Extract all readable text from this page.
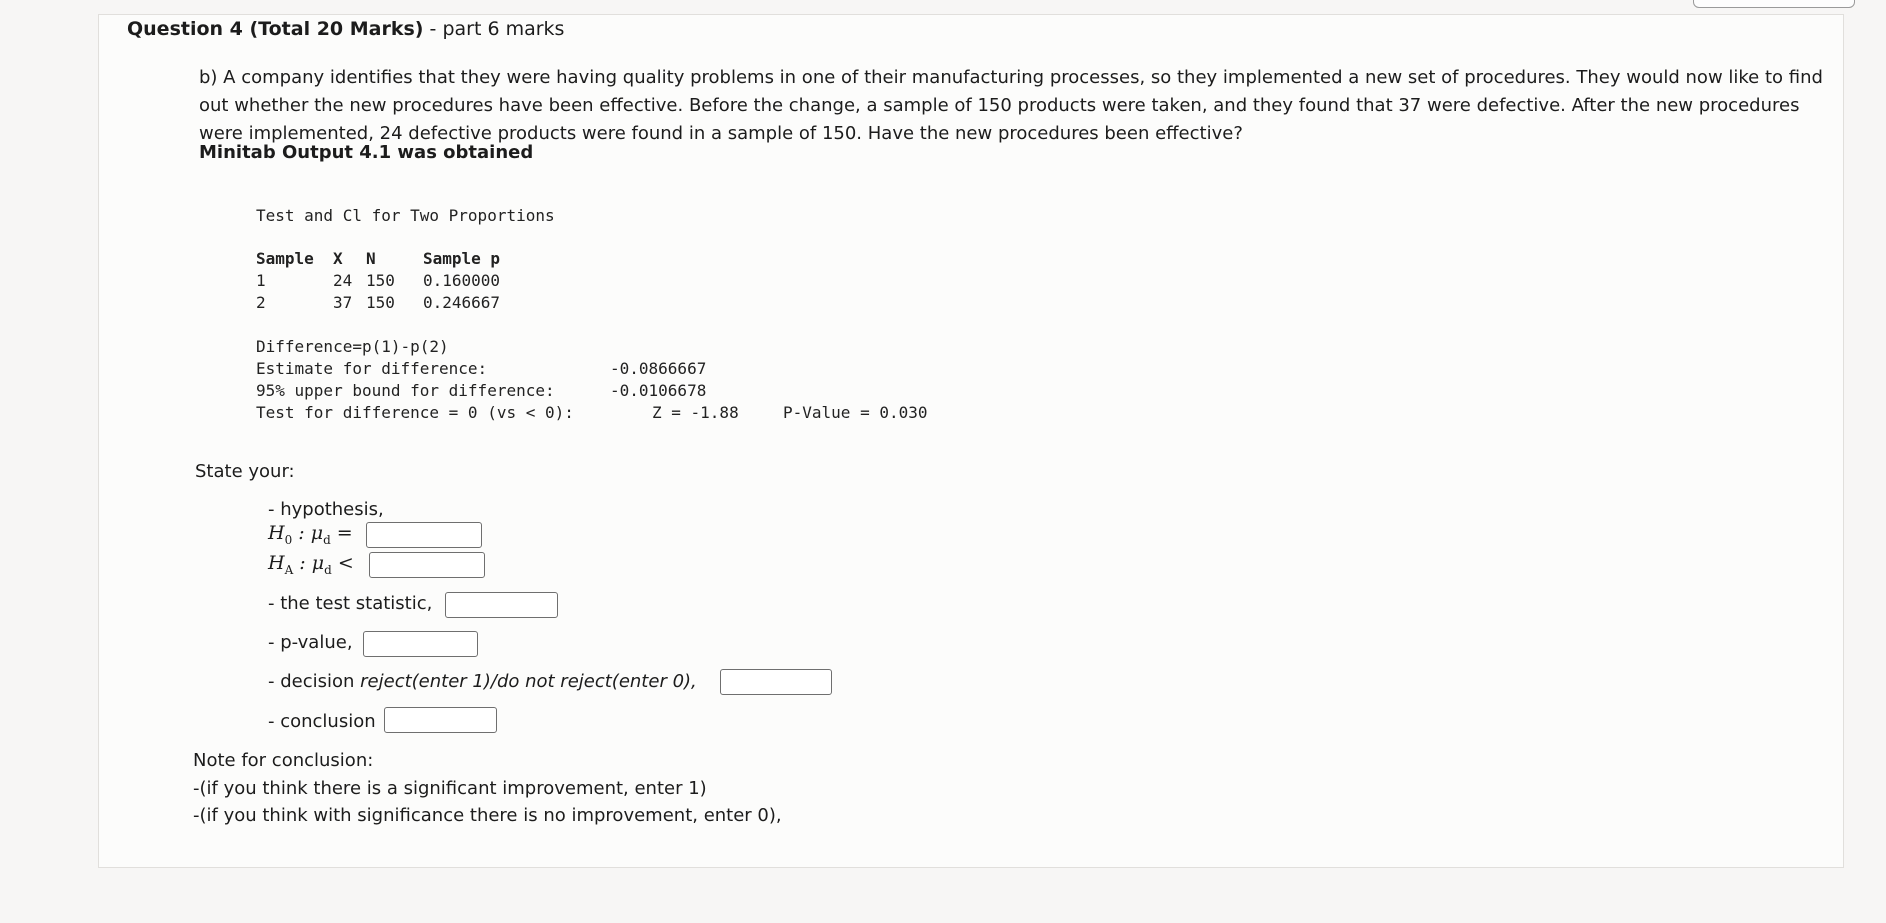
Question 4 (Total 20 Marks) - part 6 marks
b) A company identifies that they were having quality problems in one of their manufacturing processes, so they implemented a new set of procedures. They would now like to find out whether the new procedures have been effective. Before the change, a sample of 150 products were taken, and they found that 37 were defective. After the new procedures were implemented, 24 defective products were found in a sample of 150. Have the new procedures been effective?
Minitab Output 4.1 was obtained
Test and Cl for Two Proportions
Sample X N	Sample p
1	24 150 0.160000
2	37 150 0.246667
Difference=p(1)-p(2)
Estimate for difference:	-0.0866667
95% upper bound for difference:	-0.0106678
Test for difference = 0 (vs < 0):	Z = -1.88	P-Value = 0.030
State your:
- hypothesis,
$H_0$ : $\mu_d$ =
$H_A$ : $\mu_d$ <
- the test statistic,
- p-value,
- decision reject(enter 1)/do not reject(enter 0),
- conclusion
Note for conclusion:
-(if you think there is a significant improvement, enter 1)
-(if you think with significance there is no improvement, enter 0),
